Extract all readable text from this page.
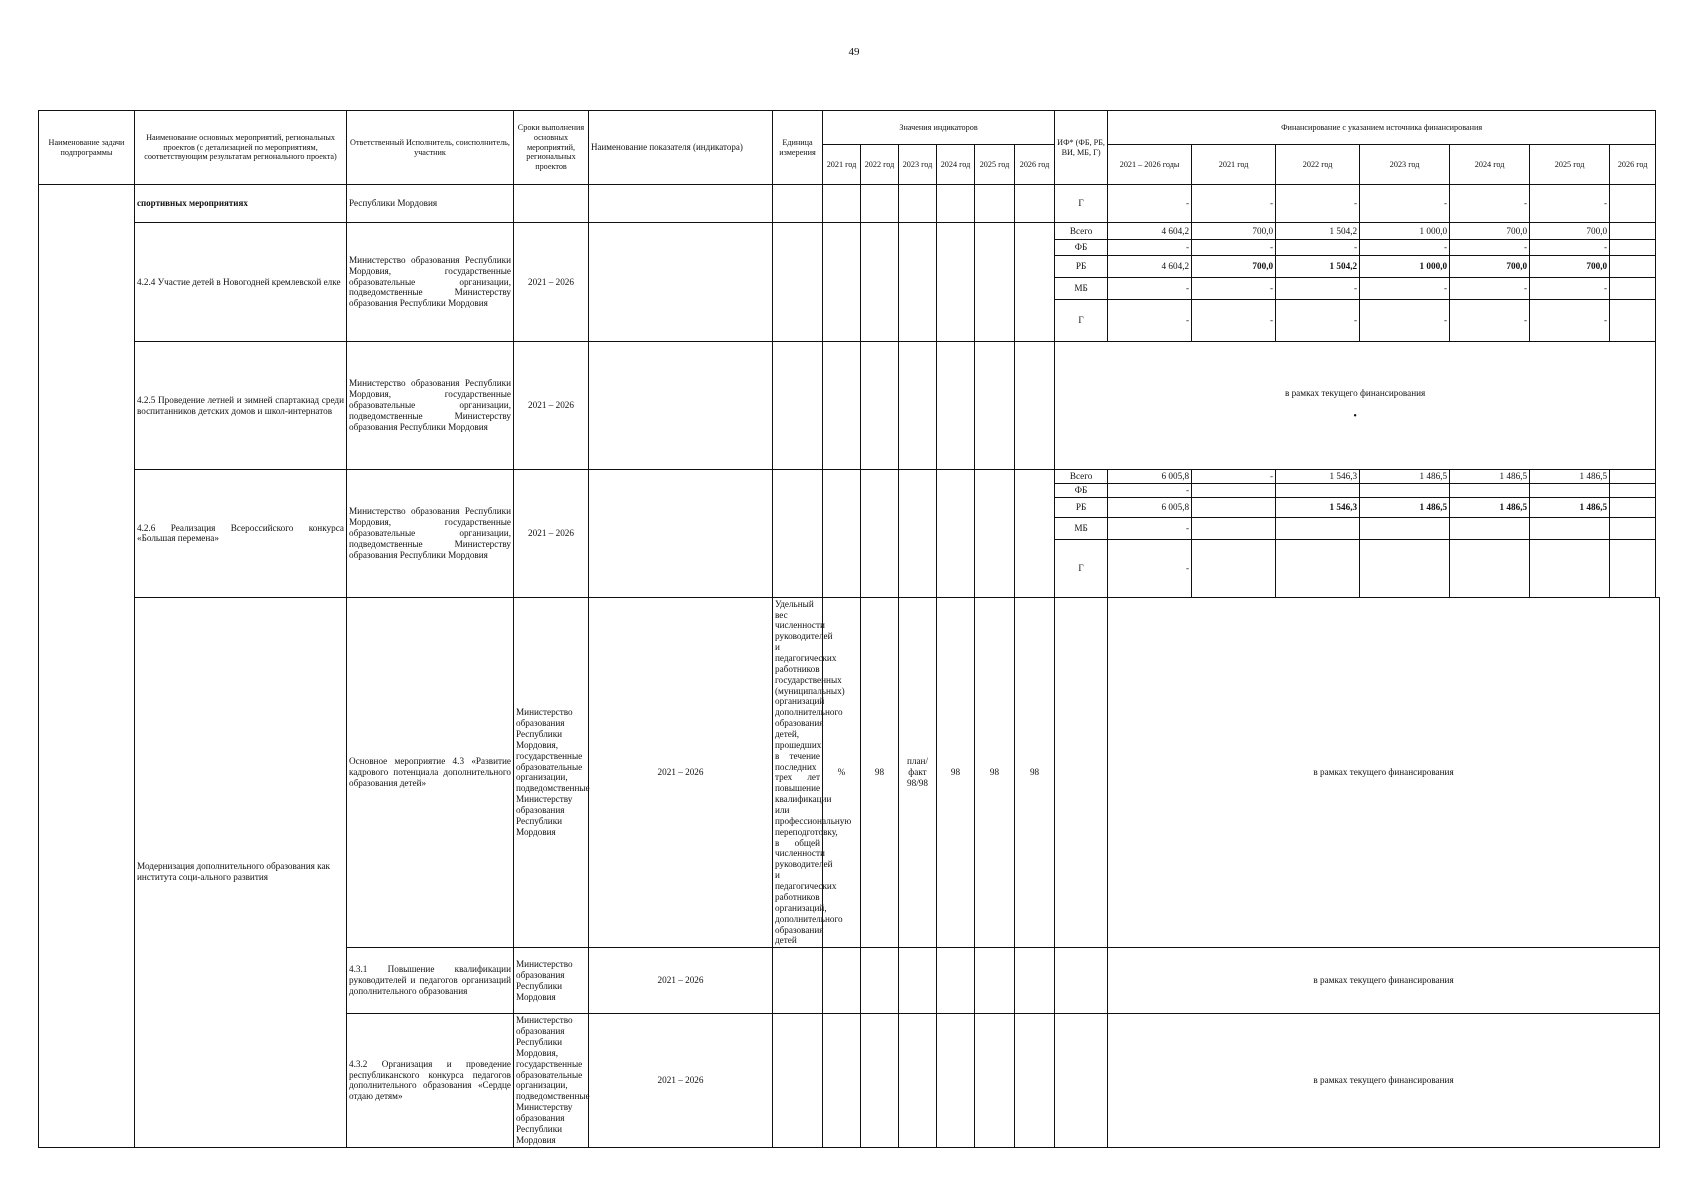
49
Наименование задачи подпрограммы	Наименование основных мероприятий, региональных проектов (с детализацией по мероприятиям, соответствующим результатам регионального проекта)	Ответственный Исполнитель, соисполнитель, участник	Сроки выполнения основных мероприятий, региональных проектов	Наименование показателя (индикатора)	Единица измерения	Значения индикаторов						ИФ* (ФБ, РБ, ВИ, МБ, Г)	Финансирование с указанием источника финансирования						
						2021 год	2022 год	2023 год	2024 год	2025 год	2026 год		2021 – 2026 годы	2021 год	2022 год	2023 год	2024 год	2025 год	2026 год
	спортивных мероприятиях	Республики Мордовия										Г	-	-	-	-	-	-	
	4.2.4 Участие детей в Новогодней кремлевской елке	Министерство образования Республики Мордовия, государственные образовательные организации, подведомственные Министерству образования Республики Мордовия	2021 – 2026									Всего	4 604,2	700,0	1 504,2	1 000,0	700,0	700,0	
												ФБ	-	-	-	-	-	-	
												РБ	4 604,2	700,0	1 504,2	1 000,0	700,0	700,0	
												МБ	-	-	-	-	-	-	
												Г	-	-	-	-	-	-	
	4.2.5 Проведение летней и зимней спартакиад среди воспитанников детских домов и школ-интернатов	Министерство образования Республики Мордовия, государственные образовательные организации, подведомственные Министерству образования Республики Мордовия	2021 – 2026									в рамках текущего финансирования
•							

	4.2.6 Реализация Всероссийского конкурса «Большая перемена»	Министерство образования Республики Мордовия, государственные образовательные организации, подведомственные Министерству образования Республики Мордовия	2021 – 2026									Всего	6 005,8	-	1 546,3	1 486,5	1 486,5	1 486,5	
												ФБ	-						
												РБ	6 005,8		1 546,3	1 486,5	1 486,5	1 486,5	
												МБ	-						
												Г	-						
	Модернизация дополнительного образования как института соци-ального развития	Основное мероприятие 4.3 «Развитие кадрового потенциала дополнительного образования детей»	Министерство образования Республики Мордовия, государственные образовательные организации, подведомственные Министерству образования Республики Мордовия	2021 – 2026	Удельный вес численности руководителей и педагогических работников государственных (муниципальных) организаций дополнительного образования детей, прошедших в течение последних трех лет повышение квалификации или профессиональную переподготовку, в общей численности руководителей и педагогических работников организаций, дополнительного образования детей	%	98	план/ факт 98/98	98	98	98		в рамках текущего финансирования						
		4.3.1 Повышение квалификации руководителей и педагогов организаций дополнительного образования	Министерство образования Республики Мордовия	2021 – 2026									в рамках текущего финансирования						
		4.3.2 Организация и проведение республиканского конкурса педагогов дополнительного образования «Сердце отдаю детям»	Министерство образования Республики Мордовия, государственные образовательные организации, подведомственные Министерству образования Республики Мордовия	2021 – 2026									в рамках текущего финансирования						
